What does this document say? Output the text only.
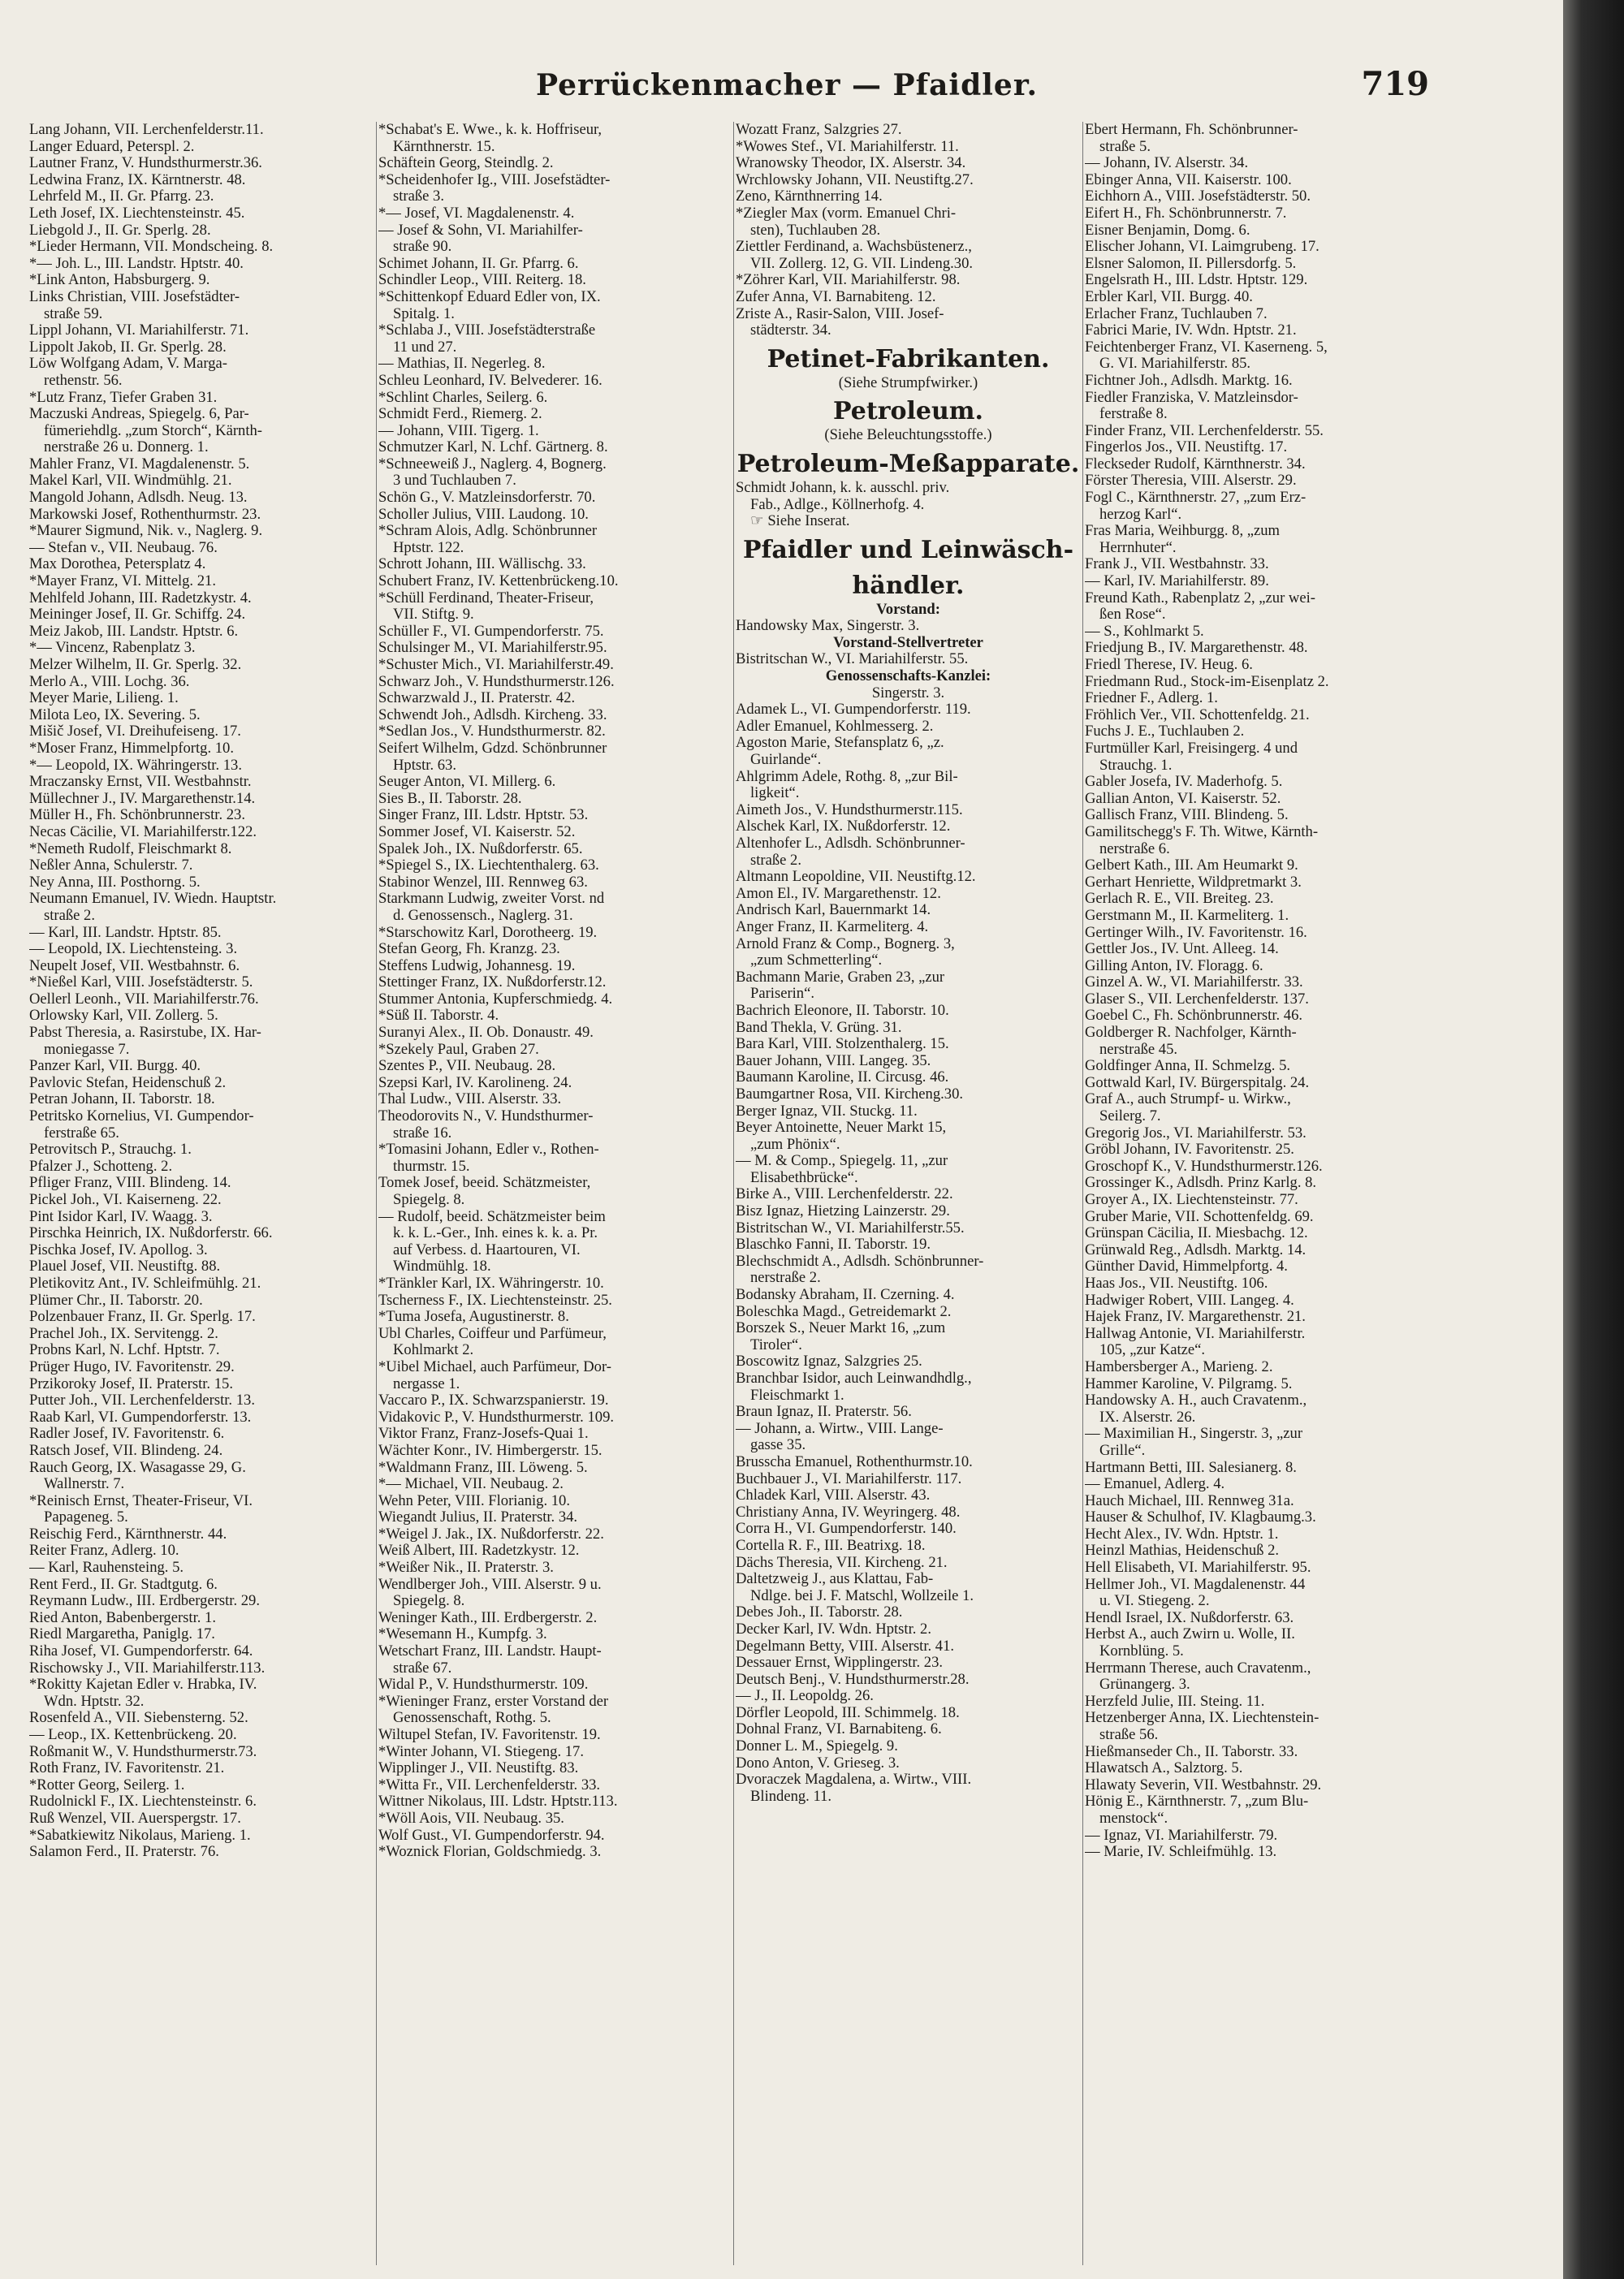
Perrückenmacher — Pfaidler.	719
Lang Johann, VII. Lerchenfelderstr.11.
Langer Eduard, Peterspl. 2.
Lautner Franz, V. Hundsthurmerstr.36.
Ledwina Franz, IX. Kärntnerstr. 48.
Lehrfeld M., II. Gr. Pfarrg. 23.
Leth Josef, IX. Liechtensteinstr. 45.
Liebgold J., II. Gr. Sperlg. 28.
*Lieder Hermann, VII. Mondscheing. 8.
*— Joh. L., III. Landstr. Hptstr. 40.
*Link Anton, Habsburgerg. 9.
Links Christian, VIII. Josefstädter-
straße 59.
Lippl Johann, VI. Mariahilferstr. 71.
Lippolt Jakob, II. Gr. Sperlg. 28.
Löw Wolfgang Adam, V. Marga-
rethenstr. 56.
*Lutz Franz, Tiefer Graben 31.
Maczuski Andreas, Spiegelg. 6, Par-
fümeriehdlg. „zum Storch“, Kärnth-
nerstraße 26 u. Donnerg. 1.
Mahler Franz, VI. Magdalenenstr. 5.
Makel Karl, VII. Windmühlg. 21.
Mangold Johann, Adlsdh. Neug. 13.
Markowski Josef, Rothenthurmstr. 23.
*Maurer Sigmund, Nik. v., Naglerg. 9.
— Stefan v., VII. Neubaug. 76.
Max Dorothea, Petersplatz 4.
*Mayer Franz, VI. Mittelg. 21.
Mehlfeld Johann, III. Radetzkystr. 4.
Meininger Josef, II. Gr. Schiffg. 24.
Meiz Jakob, III. Landstr. Hptstr. 6.
*— Vincenz, Rabenplatz 3.
Melzer Wilhelm, II. Gr. Sperlg. 32.
Merlo A., VIII. Lochg. 36.
Meyer Marie, Lilieng. 1.
Milota Leo, IX. Severing. 5.
Mišič Josef, VI. Dreihufeiseng. 17.
*Moser Franz, Himmelpfortg. 10.
*— Leopold, IX. Währingerstr. 13.
Mraczansky Ernst, VII. Westbahnstr.
Müllechner J., IV. Margarethenstr.14.
Müller H., Fh. Schönbrunnerstr. 23.
Necas Cäcilie, VI. Mariahilferstr.122.
*Nemeth Rudolf, Fleischmarkt 8.
Neßler Anna, Schulerstr. 7.
Ney Anna, III. Posthorng. 5.
Neumann Emanuel, IV. Wiedn. Hauptstr.
straße 2.
— Karl, III. Landstr. Hptstr. 85.
— Leopold, IX. Liechtensteing. 3.
Neupelt Josef, VII. Westbahnstr. 6.
*Nießel Karl, VIII. Josefstädterstr. 5.
Oellerl Leonh., VII. Mariahilferstr.76.
Orlowsky Karl, VII. Zollerg. 5.
Pabst Theresia, a. Rasirstube, IX. Har-
moniegasse 7.
Panzer Karl, VII. Burgg. 40.
Pavlovic Stefan, Heidenschuß 2.
Petran Johann, II. Taborstr. 18.
Petritsko Kornelius, VI. Gumpendor-
ferstraße 65.
Petrovitsch P., Strauchg. 1.
Pfalzer J., Schotteng. 2.
Pfliger Franz, VIII. Blindeng. 14.
Pickel Joh., VI. Kaiserneng. 22.
Pint Isidor Karl, IV. Waagg. 3.
Pirschka Heinrich, IX. Nußdorferstr. 66.
Pischka Josef, IV. Apollog. 3.
Plauel Josef, VII. Neustiftg. 88.
Pletikovitz Ant., IV. Schleifmühlg. 21.
Plümer Chr., II. Taborstr. 20.
Polzenbauer Franz, II. Gr. Sperlg. 17.
Prachel Joh., IX. Servitengg. 2.
Probns Karl, N. Lchf. Hptstr. 7.
Prüger Hugo, IV. Favoritenstr. 29.
Przikoroky Josef, II. Praterstr. 15.
Putter Joh., VII. Lerchenfelderstr. 13.
Raab Karl, VI. Gumpendorferstr. 13.
Radler Josef, IV. Favoritenstr. 6.
Ratsch Josef, VII. Blindeng. 24.
Rauch Georg, IX. Wasagasse 29, G.
Wallnerstr. 7.
*Reinisch Ernst, Theater-Friseur, VI.
Papageneg. 5.
Reischig Ferd., Kärnthnerstr. 44.
Reiter Franz, Adlerg. 10.
— Karl, Rauhensteing. 5.
Rent Ferd., II. Gr. Stadtgutg. 6.
Reymann Ludw., III. Erdbergerstr. 29.
Ried Anton, Babenbergerstr. 1.
Riedl Margaretha, Paniglg. 17.
Riha Josef, VI. Gumpendorferstr. 64.
Rischowsky J., VII. Mariahilferstr.113.
*Rokitty Kajetan Edler v. Hrabka, IV.
Wdn. Hptstr. 32.
Rosenfeld A., VII. Siebensterng. 52.
— Leop., IX. Kettenbrückeng. 20.
Roßmanit W., V. Hundsthurmerstr.73.
Roth Franz, IV. Favoritenstr. 21.
*Rotter Georg, Seilerg. 1.
Rudolnickl F., IX. Liechtensteinstr. 6.
Ruß Wenzel, VII. Auerspergstr. 17.
*Sabatkiewitz Nikolaus, Marieng. 1.
Salamon Ferd., II. Praterstr. 76.
*Schabat's E. Wwe., k. k. Hoffriseur,
Kärnthnerstr. 15.
Schäftein Georg, Steindlg. 2.
*Scheidenhofer Ig., VIII. Josefstädter-
straße 3.
*— Josef, VI. Magdalenenstr. 4.
— Josef & Sohn, VI. Mariahilfer-
straße 90.
Schimet Johann, II. Gr. Pfarrg. 6.
Schindler Leop., VIII. Reiterg. 18.
*Schittenkopf Eduard Edler von, IX.
Spitalg. 1.
*Schlaba J., VIII. Josefstädterstraße
11 und 27.
— Mathias, II. Negerleg. 8.
Schleu Leonhard, IV. Belvederег. 16.
*Schlint Charles, Seilerg. 6.
Schmidt Ferd., Riemerg. 2.
— Johann, VIII. Tigerg. 1.
Schmutzer Karl, N. Lchf. Gärtnerg. 8.
*Schneeweiß J., Naglerg. 4, Bognerg.
3 und Tuchlauben 7.
Schön G., V. Matzleinsdorferstr. 70.
Scholler Julius, VIII. Laudong. 10.
*Schram Alois, Adlg. Schönbrunner
Hptstr. 122.
Schrott Johann, III. Wällischg. 33.
Schubert Franz, IV. Kettenbrückeng.10.
*Schüll Ferdinand, Theater-Friseur,
VII. Stiftg. 9.
Schüller F., VI. Gumpendorferstr. 75.
Schulsinger M., VI. Mariahilferstr.95.
*Schuster Mich., VI. Mariahilferstr.49.
Schwarz Joh., V. Hundsthurmerstr.126.
Schwarzwald J., II. Praterstr. 42.
Schwendt Joh., Adlsdh. Kircheng. 33.
*Sedlan Jos., V. Hundsthurmerstr. 82.
Seifert Wilhelm, Gdzd. Schönbrunner
Hptstr. 63.
Seuger Anton, VI. Millerg. 6.
Sies B., II. Taborstr. 28.
Singer Franz, III. Ldstr. Hptstr. 53.
Sommer Josef, VI. Kaiserstr. 52.
Spalek Joh., IX. Nußdorferstr. 65.
*Spiegel S., IX. Liechtenthalerg. 63.
Stabinor Wenzel, III. Rennweg 63.
Starkmann Ludwig, zweiter Vorst. nd
d. Genossensch., Naglerg. 31.
*Starschowitz Karl, Dorotheerg. 19.
Stefan Georg, Fh. Kranzg. 23.
Steffens Ludwig, Johannesg. 19.
Stettinger Franz, IX. Nußdorferstr.12.
Stummer Antonia, Kupferschmiedg. 4.
*Süß II. Taborstr. 4.
Suranyi Alex., II. Ob. Donaustr. 49.
*Szekely Paul, Graben 27.
Szentes P., VII. Neubaug. 28.
Szepsi Karl, IV. Karolineng. 24.
Thal Ludw., VIII. Alserstr. 33.
Theodorovits N., V. Hundsthurmer-
straße 16.
*Tomasini Johann, Edler v., Rothen-
thurmstr. 15.
Tomek Josef, beeid. Schätzmeister,
Spiegelg. 8.
— Rudolf, beeid. Schätzmeister beim
k. k. L.-Ger., Inh. eines k. k. a. Pr.
auf Verbess. d. Haartouren, VI.
Windmühlg. 18.
*Tränkler Karl, IX. Währingerstr. 10.
Tscherness F., IX. Liechtensteinstr. 25.
*Tuma Josefa, Augustinerstr. 8.
Ubl Charles, Coiffeur und Parfümeur,
Kohlmarkt 2.
*Uibel Michael, auch Parfümeur, Dor-
nergasse 1.
Vaccaro P., IX. Schwarzspanierstr. 19.
Vidakovic P., V. Hundsthurmerstr. 109.
Viktor Franz, Franz-Josefs-Quai 1.
Wächter Konr., IV. Himbergerstr. 15.
*Waldmann Franz, III. Löweng. 5.
*— Michael, VII. Neubaug. 2.
Wehn Peter, VIII. Florianig. 10.
Wiegandt Julius, II. Praterstr. 34.
*Weigel J. Jak., IX. Nußdorferstr. 22.
Weiß Albert, III. Radetzkystr. 12.
*Weißer Nik., II. Praterstr. 3.
Wendlberger Joh., VIII. Alserstr. 9 u.
Spiegelg. 8.
Weninger Kath., III. Erdbergerstr. 2.
*Wesemann H., Kumpfg. 3.
Wetschart Franz, III. Landstr. Haupt-
straße 67.
Widal P., V. Hundsthurmerstr. 109.
*Wieninger Franz, erster Vorstand der
Genossenschaft, Rothg. 5.
Wiltupel Stefan, IV. Favoritenstr. 19.
*Winter Johann, VI. Stiegeng. 17.
Wipplinger J., VII. Neustiftg. 83.
*Witta Fr., VII. Lerchenfelderstr. 33.
Wittner Nikolaus, III. Ldstr. Hptstr.113.
*Wöll Aois, VII. Neubaug. 35.
Wolf Gust., VI. Gumpendorferstr. 94.
*Woznick Florian, Goldschmiedg. 3.
Wozatt Franz, Salzgries 27.
*Wowes Stef., VI. Mariahilferstr. 11.
Wranowsky Theodor, IX. Alserstr. 34.
Wrchlowsky Johann, VII. Neustiftg.27.
Zeno, Kärnthnerring 14.
*Ziegler Max (vorm. Emanuel Chri-
sten), Tuchlauben 28.
Ziettler Ferdinand, a. Wachsbüstenerz.,
VII. Zollerg. 12, G. VII. Lindeng.30.
*Zöhrer Karl, VII. Mariahilferstr. 98.
Zufer Anna, VI. Barnabiteng. 12.
Zriste A., Rasir-Salon, VIII. Josef-
städterstr. 34.
Petinet-Fabrikanten.
(Siehe Strumpfwirker.)
Petroleum.
(Siehe Beleuchtungsstoffe.)
Petroleum-Meßapparate.
Schmidt Johann, k. k. ausschl. priv.
Fab., Adlge., Köllnerhofg. 4.
☞ Siehe Inserat.
Pfaidler und Leinwäsch-
händler.
Vorstand:
Handowsky Max, Singerstr. 3.
Vorstand-Stellvertreter
Bistritschan W., VI. Mariahilferstr. 55.
Genossenschafts-Kanzlei:
Singerstr. 3.
Adamek L., VI. Gumpendorferstr. 119.
Adler Emanuel, Kohlmesserg. 2.
Agoston Marie, Stefansplatz 6, „z.
Guirlande“.
Ahlgrimm Adele, Rothg. 8, „zur Bil-
ligkeit“.
Aimeth Jos., V. Hundsthurmerstr.115.
Alschek Karl, IX. Nußdorferstr. 12.
Altenhofer L., Adlsdh. Schönbrunner-
straße 2.
Altmann Leopoldine, VII. Neustiftg.12.
Amon El., IV. Margarethenstr. 12.
Andrisch Karl, Bauernmarkt 14.
Anger Franz, II. Karmeliterg. 4.
Arnold Franz & Comp., Bognerg. 3,
„zum Schmetterling“.
Bachmann Marie, Graben 23, „zur
Pariserin“.
Bachrich Eleonore, II. Taborstr. 10.
Band Thekla, V. Grüng. 31.
Bara Karl, VIII. Stolzenthalerg. 15.
Bauer Johann, VIII. Langeg. 35.
Baumann Karoline, II. Circusg. 46.
Baumgartner Rosa, VII. Kircheng.30.
Berger Ignaz, VII. Stuckg. 11.
Beyer Antoinette, Neuer Markt 15,
„zum Phönix“.
— M. & Comp., Spiegelg. 11, „zur
Elisabethbrücke“.
Birke A., VIII. Lerchenfelderstr. 22.
Bisz Ignaz, Hietzing Lainzerstr. 29.
Bistritschan W., VI. Mariahilferstr.55.
Blaschko Fanni, II. Taborstr. 19.
Blechschmidt A., Adlsdh. Schönbrunner-
nerstraße 2.
Bodansky Abraham, II. Czerning. 4.
Boleschka Magd., Getreidemarkt 2.
Borszek S., Neuer Markt 16, „zum
Tiroler“.
Boscowitz Ignaz, Salzgries 25.
Branchbar Isidor, auch Leinwandhdlg.,
Fleischmarkt 1.
Braun Ignaz, II. Praterstr. 56.
— Johann, a. Wirtw., VIII. Lange-
gasse 35.
Brusscha Emanuel, Rothenthurmstr.10.
Buchbauer J., VI. Mariahilferstr. 117.
Chladek Karl, VIII. Alserstr. 43.
Christiany Anna, IV. Weyringerg. 48.
Corra H., VI. Gumpendorferstr. 140.
Cortella R. F., III. Beatrixg. 18.
Dächs Theresia, VII. Kircheng. 21.
Daltetzweig J., aus Klattau, Fab-
Ndlge. bei J. F. Matschl, Wollzeile 1.
Debes Joh., II. Taborstr. 28.
Decker Karl, IV. Wdn. Hptstr. 2.
Degelmann Betty, VIII. Alserstr. 41.
Dessauer Ernst, Wipplingerstr. 23.
Deutsch Benj., V. Hundsthurmerstr.28.
— J., II. Leopoldg. 26.
Dörfler Leopold, III. Schimmelg. 18.
Dohnal Franz, VI. Barnabiteng. 6.
Donner L. M., Spiegelg. 9.
Dono Anton, V. Grieseg. 3.
Dvoraczek Magdalena, a. Wirtw., VIII.
Blindeng. 11.
Ebert Hermann, Fh. Schönbrunner-
straße 5.
— Johann, IV. Alserstr. 34.
Ebinger Anna, VII. Kaiserstr. 100.
Eichhorn A., VIII. Josefstädterstr. 50.
Eifert H., Fh. Schönbrunnerstr. 7.
Eisner Benjamin, Domg. 6.
Elischer Johann, VI. Laimgrubeng. 17.
Elsner Salomon, II. Pillersdorfg. 5.
Engelsrath H., III. Ldstr. Hptstr. 129.
Erbler Karl, VII. Burgg. 40.
Erlacher Franz, Tuchlauben 7.
Fabrici Marie, IV. Wdn. Hptstr. 21.
Feichtenberger Franz, VI. Kaserneng. 5,
G. VI. Mariahilferstr. 85.
Fichtner Joh., Adlsdh. Marktg. 16.
Fiedler Franziska, V. Matzleinsdor-
ferstraße 8.
Finder Franz, VII. Lerchenfelderstr. 55.
Fingerlos Jos., VII. Neustiftg. 17.
Fleckseder Rudolf, Kärnthnerstr. 34.
Förster Theresia, VIII. Alserstr. 29.
Fogl C., Kärnthnerstr. 27, „zum Erz-
herzog Karl“.
Fras Maria, Weihburgg. 8, „zum
Herrnhuter“.
Frank J., VII. Westbahnstr. 33.
— Karl, IV. Mariahilferstr. 89.
Freund Kath., Rabenplatz 2, „zur wei-
ßen Rose“.
— S., Kohlmarkt 5.
Friedjung B., IV. Margarethenstr. 48.
Friedl Therese, IV. Heug. 6.
Friedmann Rud., Stock-im-Eisenplatz 2.
Friedner F., Adlerg. 1.
Fröhlich Ver., VII. Schottenfeldg. 21.
Fuchs J. E., Tuchlauben 2.
Furtmüller Karl, Freisingerg. 4 und
Strauchg. 1.
Gabler Josefa, IV. Maderhofg. 5.
Gallian Anton, VI. Kaiserstr. 52.
Gallisch Franz, VIII. Blindeng. 5.
Gamilitschegg's F. Th. Witwe, Kärnth-
nerstraße 6.
Gelbert Kath., III. Am Heumarkt 9.
Gerhart Henriette, Wildpretmarkt 3.
Gerlach R. E., VII. Breiteg. 23.
Gerstmann M., II. Karmeliterg. 1.
Gertinger Wilh., IV. Favoritenstr. 16.
Gettler Jos., IV. Unt. Alleeg. 14.
Gilling Anton, IV. Floragg. 6.
Ginzel A. W., VI. Mariahilferstr. 33.
Glaser S., VII. Lerchenfelderstr. 137.
Goebel C., Fh. Schönbrunnerstr. 46.
Goldberger R. Nachfolger, Kärnth-
nerstraße 45.
Goldfinger Anna, II. Schmelzg. 5.
Gottwald Karl, IV. Bürgerspitalg. 24.
Graf A., auch Strumpf- u. Wirkw.,
Seilerg. 7.
Gregorig Jos., VI. Mariahilferstr. 53.
Gröbl Johann, IV. Favoritenstr. 25.
Groschopf K., V. Hundsthurmerstr.126.
Grossinger K., Adlsdh. Prinz Karlg. 8.
Groyer A., IX. Liechtensteinstr. 77.
Gruber Marie, VII. Schottenfeldg. 69.
Grünspan Cäcilia, II. Miesbachg. 12.
Grünwald Reg., Adlsdh. Marktg. 14.
Günther David, Himmelpfortg. 4.
Haas Jos., VII. Neustiftg. 106.
Hadwiger Robert, VIII. Langeg. 4.
Hajek Franz, IV. Margarethenstr. 21.
Hallwag Antonie, VI. Mariahilferstr.
105, „zur Katze“.
Hambersberger A., Marieng. 2.
Hammer Karoline, V. Pilgramg. 5.
Handowsky A. H., auch Cravatenm.,
IX. Alserstr. 26.
— Maximilian H., Singerstr. 3, „zur
Grille“.
Hartmann Betti, III. Salesianerg. 8.
— Emanuel, Adlerg. 4.
Hauch Michael, III. Rennweg 31a.
Hauser & Schulhof, IV. Klagbaumg.3.
Hecht Alex., IV. Wdn. Hptstr. 1.
Heinzl Mathias, Heidenschuß 2.
Hell Elisabeth, VI. Mariahilferstr. 95.
Hellmer Joh., VI. Magdalenenstr. 44
u. VI. Stiegeng. 2.
Hendl Israel, IX. Nußdorferstr. 63.
Herbst A., auch Zwirn u. Wolle, II.
Kornblüng. 5.
Herrmann Therese, auch Cravatenm.,
Grünangerg. 3.
Herzfeld Julie, III. Steing. 11.
Hetzenberger Anna, IX. Liechtenstein-
straße 56.
Hießmanseder Ch., II. Taborstr. 33.
Hlawatsch A., Salztorg. 5.
Hlawaty Severin, VII. Westbahnstr. 29.
Hönig E., Kärnthnerstr. 7, „zum Blu-
menstock“.
— Ignaz, VI. Mariahilferstr. 79.
— Marie, IV. Schleifmühlg. 13.
